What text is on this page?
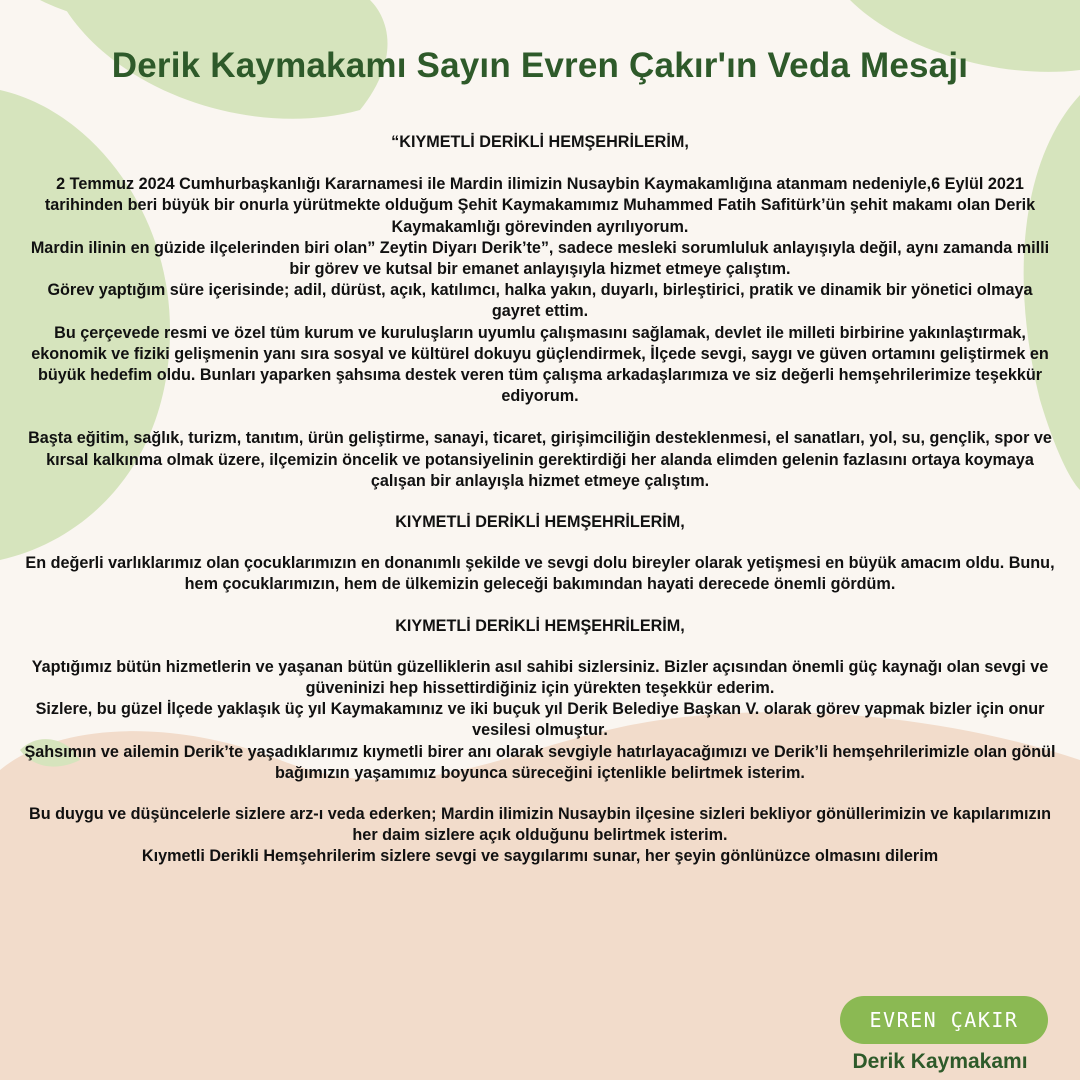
Derik Kaymakamı Sayın Evren Çakır'ın Veda Mesajı

“KIYMETLİ DERİKLİ HEMŞEHRİLERİM,

2 Temmuz 2024 Cumhurbaşkanlığı Kararnamesi ile Mardin ilimizin Nusaybin Kaymakamlığına atanmam nedeniyle,6 Eylül 2021 tarihinden beri büyük bir onurla yürütmekte olduğum Şehit Kaymakamımız Muhammed Fatih Safitürk’ün şehit makamı olan Derik Kaymakamlığı görevinden ayrılıyorum.

Mardin ilinin en güzide ilçelerinden biri olan” Zeytin Diyarı Derik’te”, sadece mesleki sorumluluk anlayışıyla değil, aynı zamanda milli bir görev ve kutsal bir emanet anlayışıyla hizmet etmeye çalıştım.

Görev yaptığım süre içerisinde; adil, dürüst, açık, katılımcı, halka yakın, duyarlı, birleştirici, pratik ve dinamik bir yönetici olmaya gayret ettim.

Bu çerçevede resmi ve özel tüm kurum ve kuruluşların uyumlu çalışmasını sağlamak, devlet ile milleti birbirine yakınlaştırmak, ekonomik ve fiziki gelişmenin yanı sıra sosyal ve kültürel dokuyu güçlendirmek, İlçede sevgi, saygı ve güven ortamını geliştirmek en büyük hedefim oldu. Bunları yaparken şahsıma destek veren tüm çalışma arkadaşlarımıza ve siz değerli hemşehrilerimize teşekkür ediyorum.

Başta eğitim, sağlık, turizm, tanıtım, ürün geliştirme, sanayi, ticaret, girişimciliğin desteklenmesi, el sanatları, yol, su, gençlik, spor ve kırsal kalkınma olmak üzere, ilçemizin öncelik ve potansiyelinin gerektirdiği her alanda elimden gelenin fazlasını ortaya koymaya çalışan bir anlayışla hizmet etmeye çalıştım.

KIYMETLİ DERİKLİ HEMŞEHRİLERİM,

En değerli varlıklarımız olan çocuklarımızın en donanımlı şekilde ve sevgi dolu bireyler olarak yetişmesi en büyük amacım oldu. Bunu, hem çocuklarımızın, hem de ülkemizin geleceği bakımından hayati derecede önemli gördüm.

KIYMETLİ DERİKLİ HEMŞEHRİLERİM,

Yaptığımız bütün hizmetlerin ve yaşanan bütün güzelliklerin asıl sahibi sizlersiniz. Bizler açısından önemli güç kaynağı olan sevgi ve güveninizi hep hissettirdiğiniz için yürekten teşekkür ederim.

Sizlere, bu güzel İlçede yaklaşık üç yıl Kaymakamınız ve iki buçuk yıl Derik Belediye Başkan V. olarak görev yapmak bizler için onur vesilesi olmuştur.

Şahsımın ve ailemin Derik’te yaşadıklarımız kıymetli birer anı olarak sevgiyle hatırlayacağımızı ve Derik’li hemşehrilerimizle olan gönül bağımızın yaşamımız boyunca süreceğini içtenlikle belirtmek isterim.

Bu duygu ve düşüncelerle sizlere arz-ı veda ederken; Mardin ilimizin Nusaybin ilçesine sizleri bekliyor gönüllerimizin ve kapılarımızın her daim sizlere açık olduğunu belirtmek isterim.

Kıymetli Derikli Hemşehrilerim sizlere sevgi ve saygılarımı sunar, her şeyin gönlünüzce olmasını dilerim

EVREN ÇAKIR
Derik Kaymakamı
